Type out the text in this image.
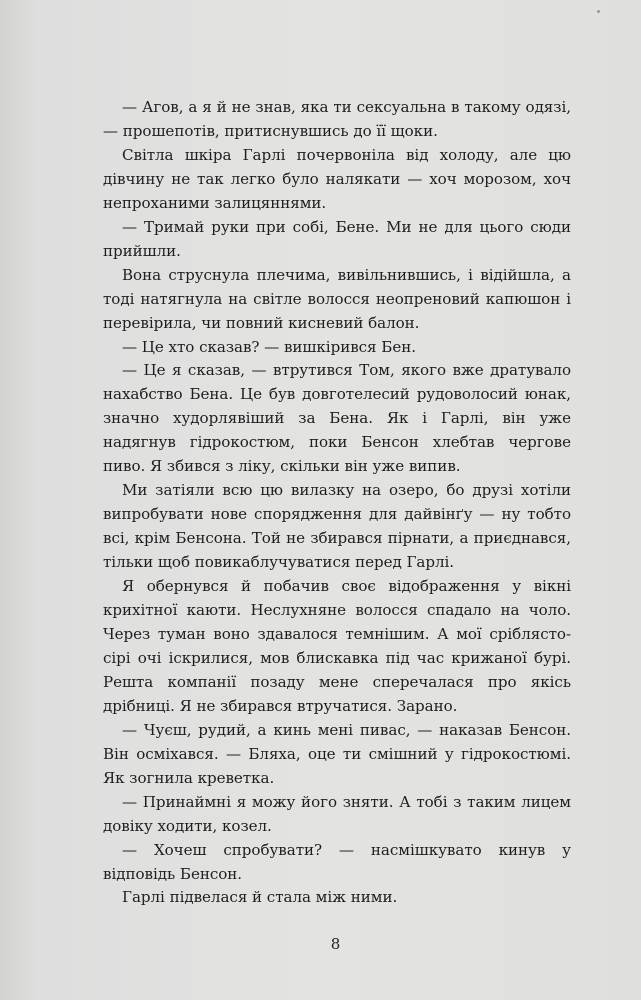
— Агов, а я й не знав, яка ти сексуальна в такому одязі, — прошепотів, притиснувшись до її щоки.

Світла шкіра Гарлі почервоніла від холоду, але цю дівчину не так легко було налякати — хоч морозом, хоч непроханими залицяннями.

— Тримай руки при собі, Бене. Ми не для цього сюди прийшли.

Вона струснула плечима, вивільнившись, і відійшла, а тоді натягнула на світле волосся неопреновий капюшон і перевірила, чи повний кисневий балон.

— Це хто сказав? — вишкірився Бен.

— Це я сказав, — втрутився Том, якого вже дратувало нахабство Бена. Це був довготелесий рудоволосий юнак, значно худорлявіший за Бена. Як і Гарлі, він уже надягнув гідрокостюм, поки Бенсон хлебтав чергове пиво. Я збився з ліку, скільки він уже випив.

Ми затіяли всю цю вилазку на озеро, бо друзі хотіли випробувати нове спорядження для дайвінґу — ну тобто всі, крім Бенсона. Той не збирався пірнати, а приєднався, тільки щоб повикаблучуватися перед Гарлі.

Я обернувся й побачив своє відображення у вікні крихітної каюти. Неслухняне волосся спадало на чоло. Через туман воно здавалося темнішим. А мої сріблясто-сірі очі іскрилися, мов блискавка під час крижаної бурі. Решта компанії позаду мене сперечалася про якісь дрібниці. Я не збирався втручатися. Зарано.

— Чуєш, рудий, а кинь мені пивас, — наказав Бенсон. Він осміхався. — Бляха, оце ти смішний у гідрокостюмі. Як зогнила креветка.

— Принаймні я можу його зняти. А тобі з таким лицем довіку ходити, козел.

— Хочеш спробувати? — насмішкувато кинув у відповідь Бенсон.

Гарлі підвелася й стала між ними.

8
